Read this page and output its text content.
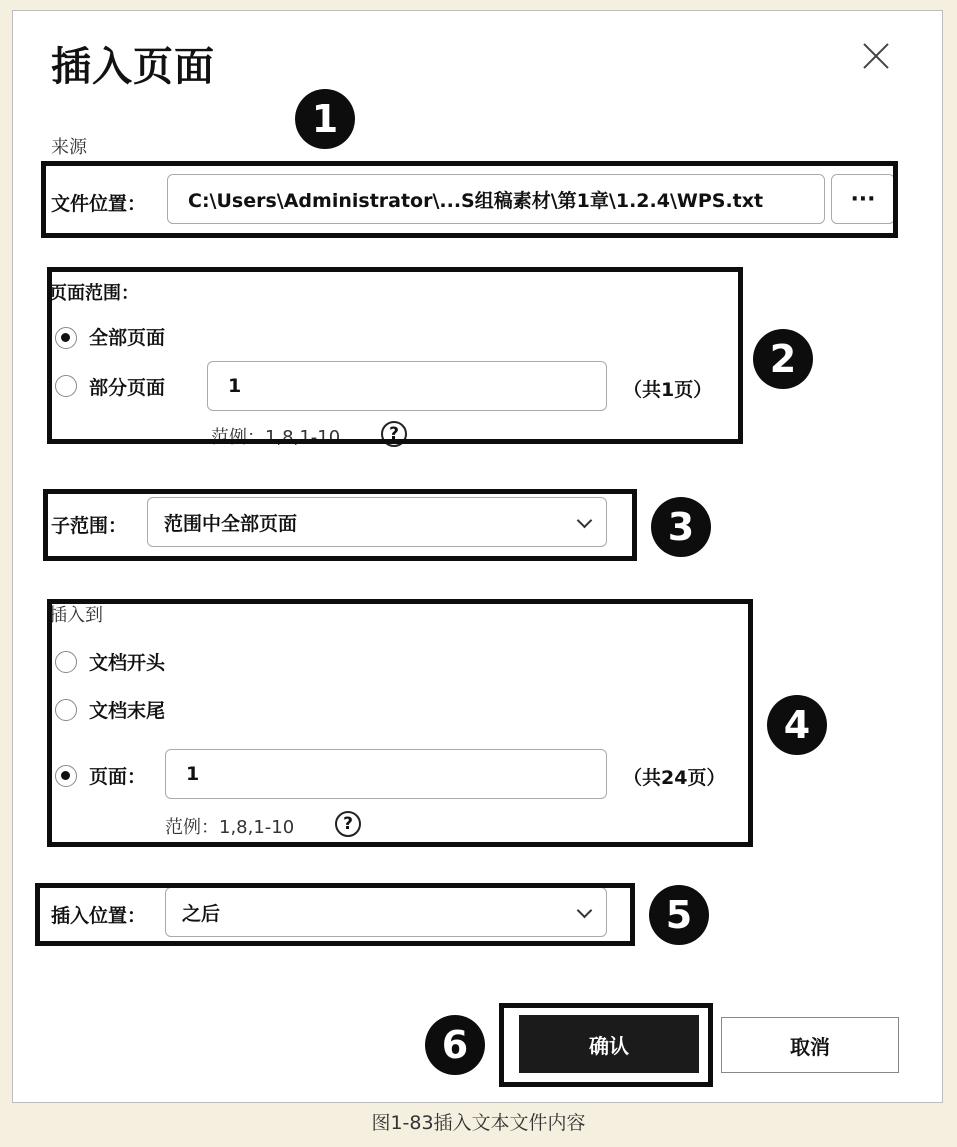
插入页面
来源
文件位置： C:\Users\Administrator\...S组稿素材\第1章\1.2.4\WPS.txt	···
页面范围：
全部页面
部分页面	1	（共1页）
范例：1,8,1-10	?
子范围： 范围中全部页面
插入到
文档开头
文档末尾
页面： 1	（共24页）
范例：1,8,1-10	?
插入位置： 之后
确认	取消
1
2
3
4
5
6
图1-83插入文本文件内容
